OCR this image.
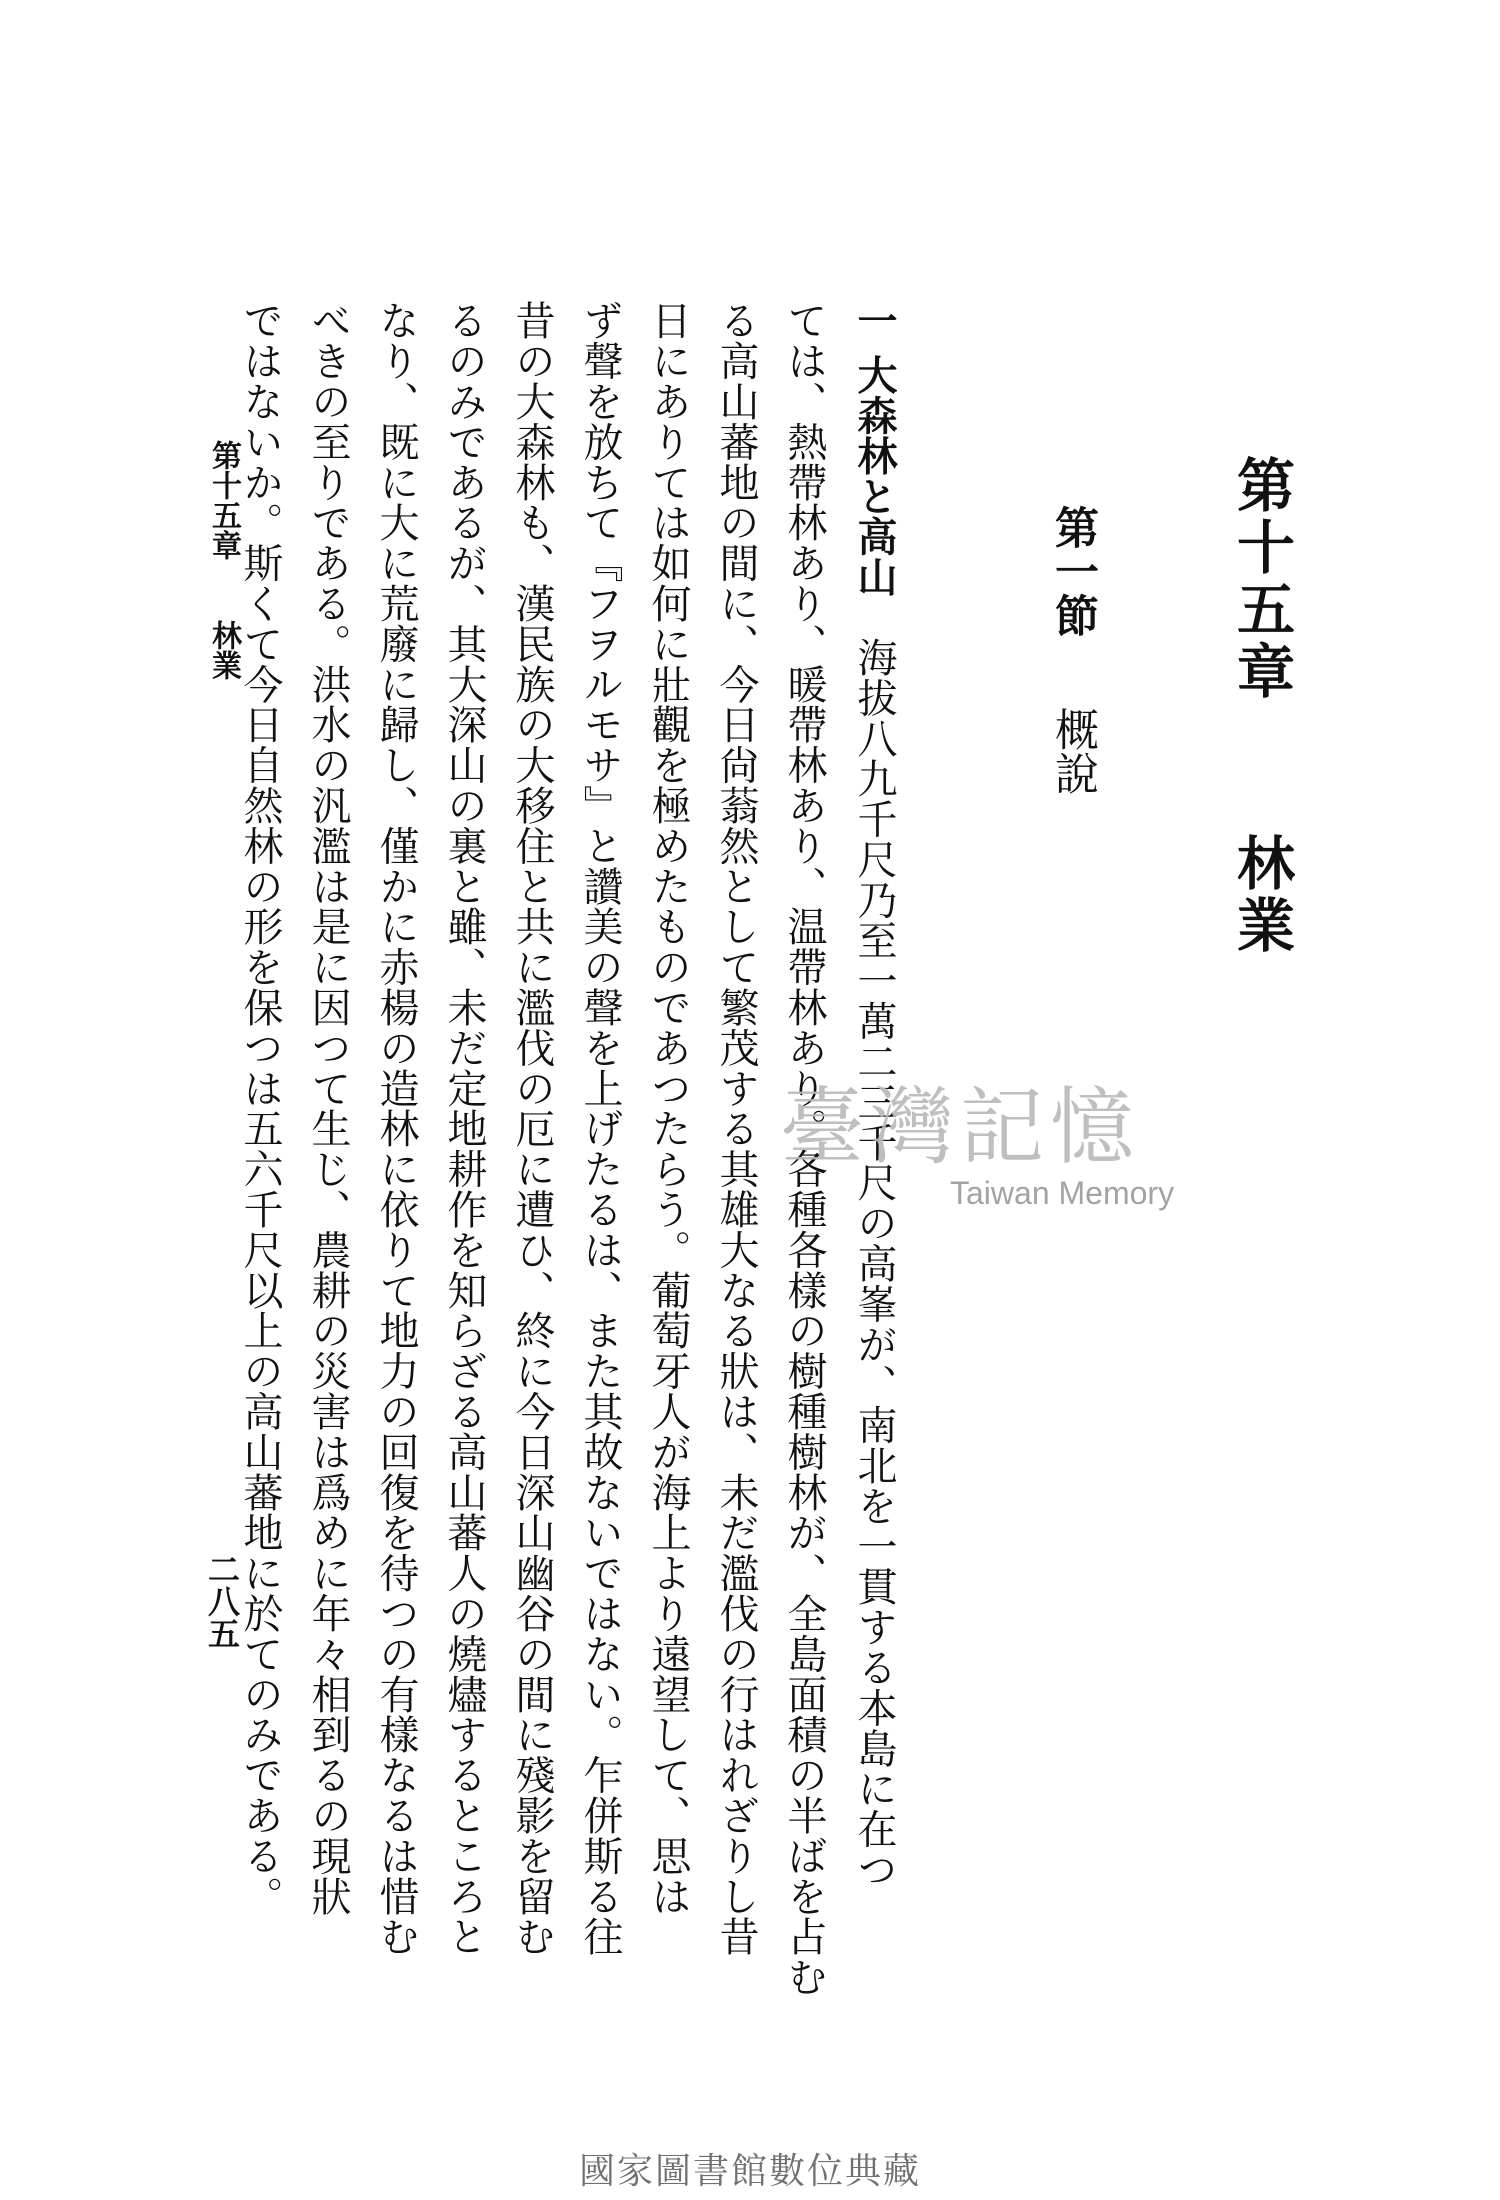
第十五章林業
第一節概說
一大森林と高山海拔八九千尺乃至一萬二三千尺の高峯が、南北を一貫する本島に在つ
ては、熱帶林あり、暖帶林あり、温帶林あり。各種各樣の樹種樹林が、全島面積の半ばを占む
る高山蕃地の間に、今日尙蓊然として繁茂する其雄大なる狀は、未だ濫伐の行はれざりし昔
日にありては如何に壯觀を極めたものであつたらう。葡萄牙人が海上より遠望して、思は
ず聲を放ちて『フヲルモサ』と讚美の聲を上げたるは、また其故ないではない。乍併斯る往
昔の大森林も、漢民族の大移住と共に濫伐の厄に遭ひ、終に今日深山幽谷の間に殘影を留む
るのみであるが、其大深山の裏と雖、未だ定地耕作を知らざる高山蕃人の燒燼するところと
なり、既に大に荒廢に歸し、僅かに赤楊の造林に依りて地力の回復を待つの有樣なるは惜む
べきの至りである。洪水の汎濫は是に因つて生じ、農耕の災害は爲めに年々相到るの現狀
ではないか。斯くて今日自然林の形を保つは五六千尺以上の高山蕃地に於てのみである。
第十五章林業
二八五
臺灣記憶
Taiwan Memory
國家圖書館數位典藏
